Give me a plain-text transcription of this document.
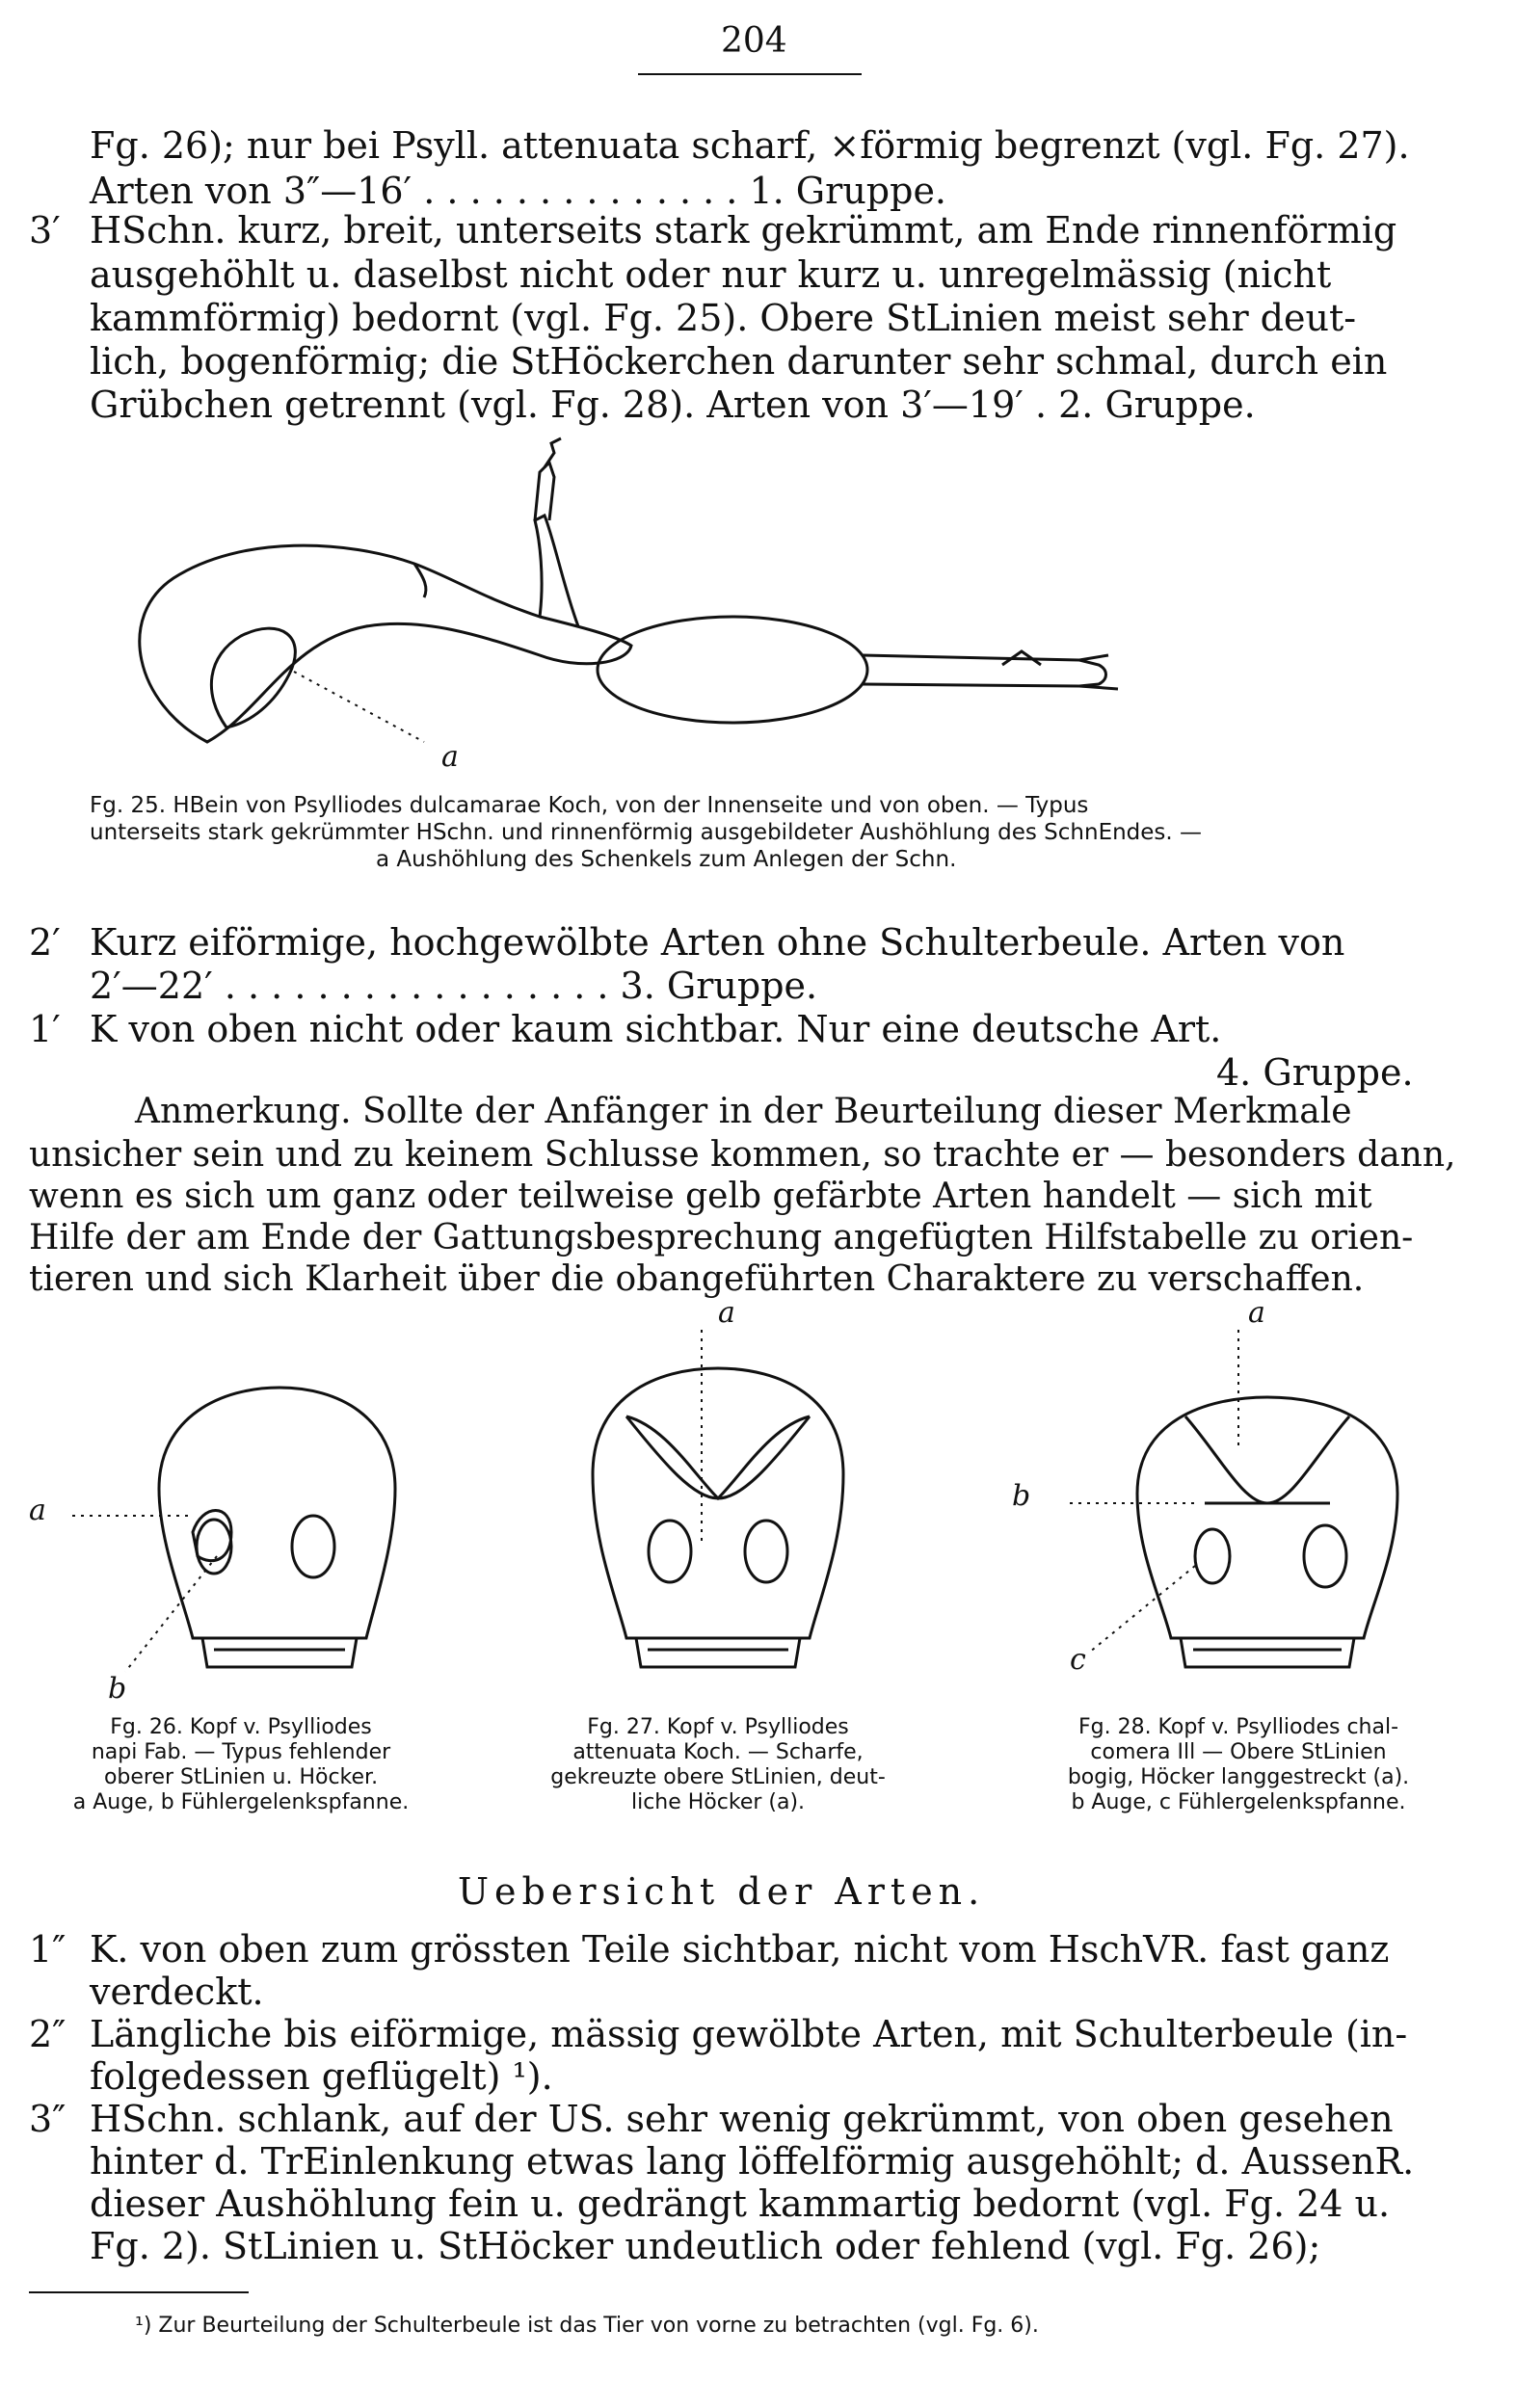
204
Fg. 26); nur bei Psyll. attenuata scharf, ×förmig begrenzt (vgl. Fg. 27).
Arten von 3″—16′ . . . . . . . . . . . . . . 1. Gruppe.
3′ HSchn. kurz, breit, unterseits stark gekrümmt, am Ende rinnenförmig
ausgehöhlt u. daselbst nicht oder nur kurz u. unregelmässig (nicht
kammförmig) bedornt (vgl. Fg. 25). Obere StLinien meist sehr deut-
lich, bogenförmig; die StHöckerchen darunter sehr schmal, durch ein
Grübchen getrennt (vgl. Fg. 28). Arten von 3′—19′ . 2. Gruppe.
a
Fg. 25. HBein von Psylliodes dulcamarae Koch, von der Innenseite und von oben. — Typus
unterseits stark gekrümmter HSchn. und rinnenförmig ausgebildeter Aushöhlung des SchnEndes. —
a Aushöhlung des Schenkels zum Anlegen der Schn.
2′ Kurz eiförmige, hochgewölbte Arten ohne Schulterbeule. Arten von
2′—22′ . . . . . . . . . . . . . . . . . 3. Gruppe.
1′ K von oben nicht oder kaum sichtbar. Nur eine deutsche Art.
4. Gruppe.
Anmerkung. Sollte der Anfänger in der Beurteilung dieser Merkmale
unsicher sein und zu keinem Schlusse kommen, so trachte er — besonders dann,
wenn es sich um ganz oder teilweise gelb gefärbte Arten handelt — sich mit
Hilfe der am Ende der Gattungsbesprechung angefügten Hilfstabelle zu orien-
tieren und sich Klarheit über die obangeführten Charaktere zu verschaffen.
a
b
a	a
b
c
Fg. 26. Kopf v. Psylliodes
napi Fab. — Typus fehlender
oberer StLinien u. Höcker.
a Auge, b Fühlergelenkspfanne.
Fg. 27. Kopf v. Psylliodes
attenuata Koch. — Scharfe,
gekreuzte obere StLinien, deut-
liche Höcker (a).
Fg. 28. Kopf v. Psylliodes chal-
comera Ill — Obere StLinien
bogig, Höcker langgestreckt (a).
b Auge, c Fühlergelenkspfanne.
Uebersicht der Arten.
1″ K. von oben zum grössten Teile sichtbar, nicht vom HschVR. fast ganz
verdeckt.
2″ Längliche bis eiförmige, mässig gewölbte Arten, mit Schulterbeule (in-
folgedessen geflügelt) ¹).
3″ HSchn. schlank, auf der US. sehr wenig gekrümmt, von oben gesehen
hinter d. TrEinlenkung etwas lang löffelförmig ausgehöhlt; d. AussenR.
dieser Aushöhlung fein u. gedrängt kammartig bedornt (vgl. Fg. 24 u.
Fg. 2). StLinien u. StHöcker undeutlich oder fehlend (vgl. Fg. 26);
¹) Zur Beurteilung der Schulterbeule ist das Tier von vorne zu betrachten (vgl. Fg. 6).
